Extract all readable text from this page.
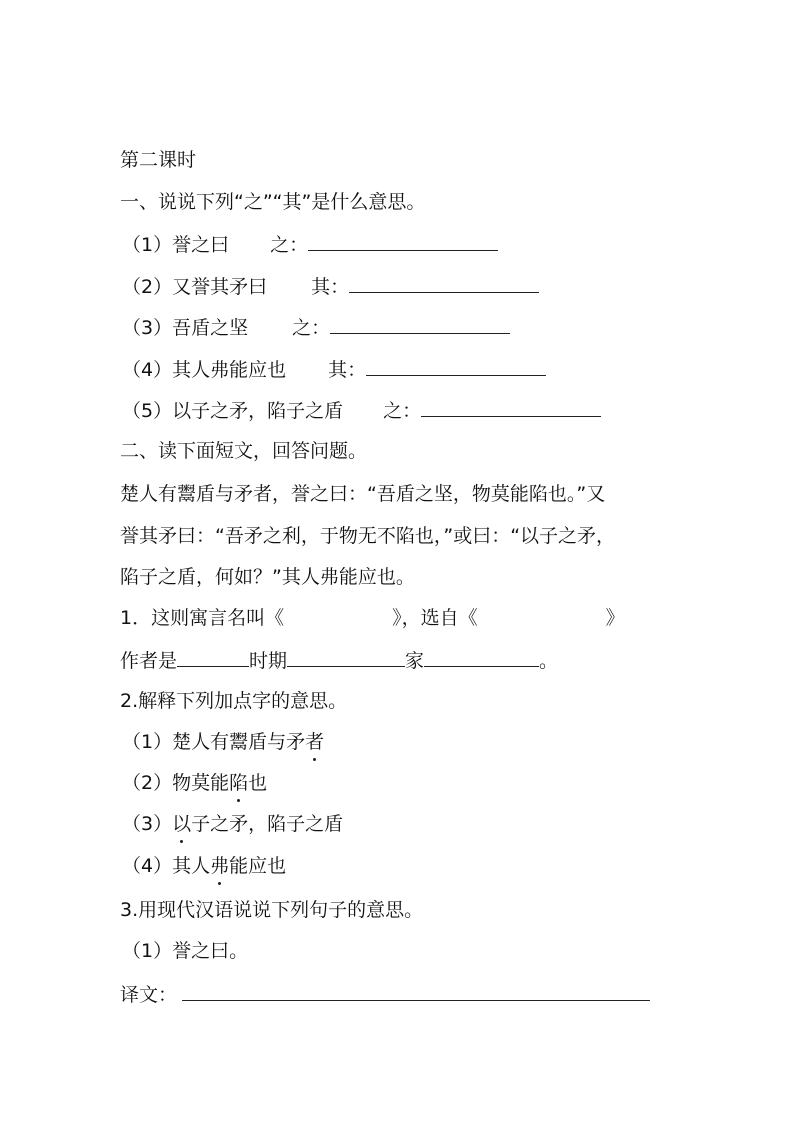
第二课时
一、说说下列“之”“其”是什么意思。
（1）誉之曰 之：
（2）又誉其矛曰 其：
（3）吾盾之坚 之：
（4）其人弗能应也 其：
（5）以子之矛，陷子之盾 之：
二、读下面短文，回答问题。
楚人有鬻盾与矛者，誉之曰：“吾盾之坚，物莫能陷也。”又
誉其矛曰：“吾矛之利，于物无不陷也，”或曰：“以子之矛，
陷子之盾，何如？”其人弗能应也。
1．这则寓言名叫《	》，选自《	》
作者是	时期	家	。
2.解释下列加点字的意思。
（1）楚人有鬻盾与矛者
（2）物莫能陷也
（3）以子之矛，陷子之盾
（4）其人弗能应也
3.用现代汉语说说下列句子的意思。
（1）誉之曰。
译文：
